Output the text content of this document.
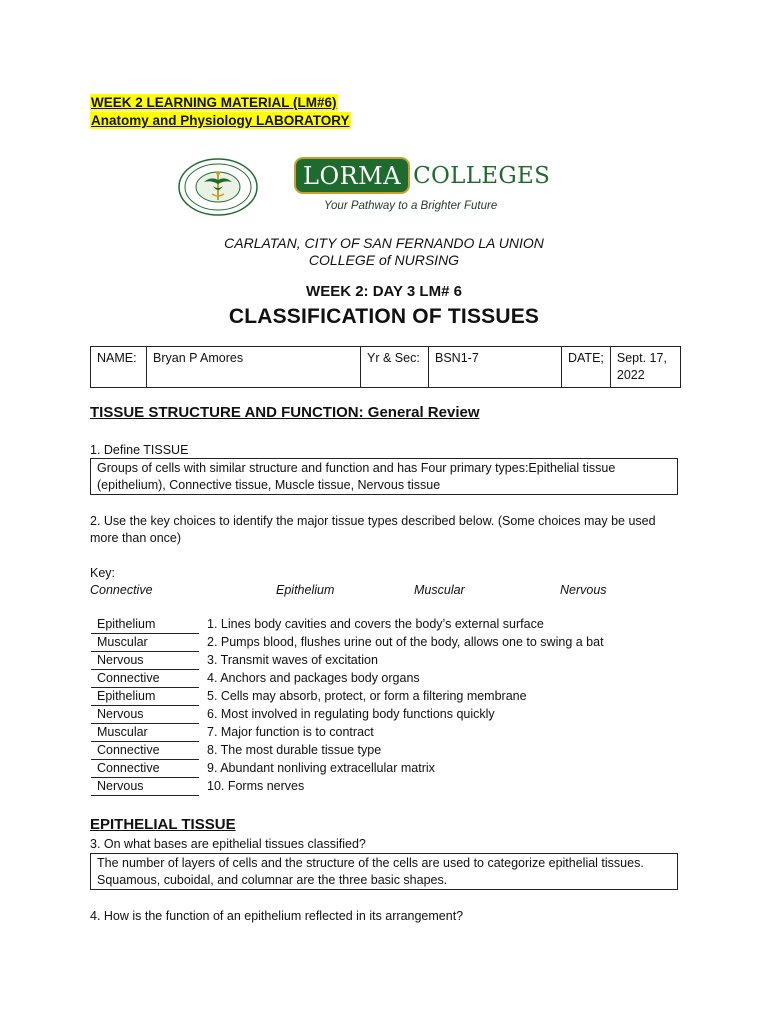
WEEK 2 LEARNING MATERIAL (LM#6)
Anatomy and Physiology LABORATORY
LORMA COLLEGES
Your Pathway to a Brighter Future
CARLATAN, CITY OF SAN FERNANDO LA UNION
COLLEGE of NURSING
WEEK 2: DAY 3 LM# 6
CLASSIFICATION OF TISSUES
NAME:	Bryan P Amores	Yr & Sec:	BSN1-7	DATE;	Sept. 17, 2022
TISSUE STRUCTURE AND FUNCTION: General Review
1. Define TISSUE
Groups of cells with similar structure and function and has Four primary types:Epithelial tissue (epithelium), Connective tissue, Muscle tissue, Nervous tissue
2. Use the key choices to identify the major tissue types described below. (Some choices may be used more than once)
Key:
Connective	Epithelium	Muscular	Nervous
Epithelium	1. Lines body cavities and covers the body’s external surface
Muscular	2. Pumps blood, flushes urine out of the body, allows one to swing a bat
Nervous	3. Transmit waves of excitation
Connective	4. Anchors and packages body organs
Epithelium	5. Cells may absorb, protect, or form a filtering membrane
Nervous	6. Most involved in regulating body functions quickly
Muscular	7. Major function is to contract
Connective	8. The most durable tissue type
Connective	9. Abundant nonliving extracellular matrix
Nervous	10. Forms nerves
EPITHELIAL TISSUE
3. On what bases are epithelial tissues classified?
The number of layers of cells and the structure of the cells are used to categorize epithelial tissues. Squamous, cuboidal, and columnar are the three basic shapes.
4. How is the function of an epithelium reflected in its arrangement?
